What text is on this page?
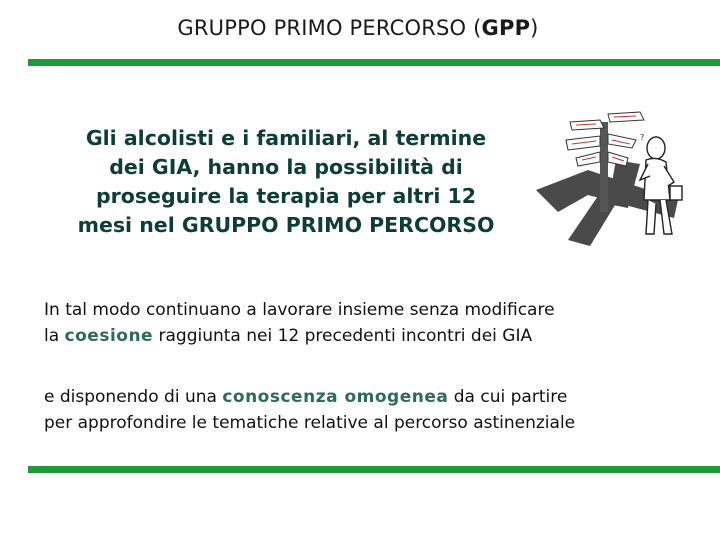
GRUPPO PRIMO PERCORSO (GPP)
Gli alcolisti e i familiari, al termine
dei GIA, hanno la possibilità di
proseguire la terapia per altri 12
mesi nel GRUPPO PRIMO PERCORSO
?
In tal modo continuano a lavorare insieme senza modificare
la coesione raggiunta nei 12 precedenti incontri dei GIA
e disponendo di una conoscenza omogenea da cui partire
per approfondire le tematiche relative al percorso astinenziale
